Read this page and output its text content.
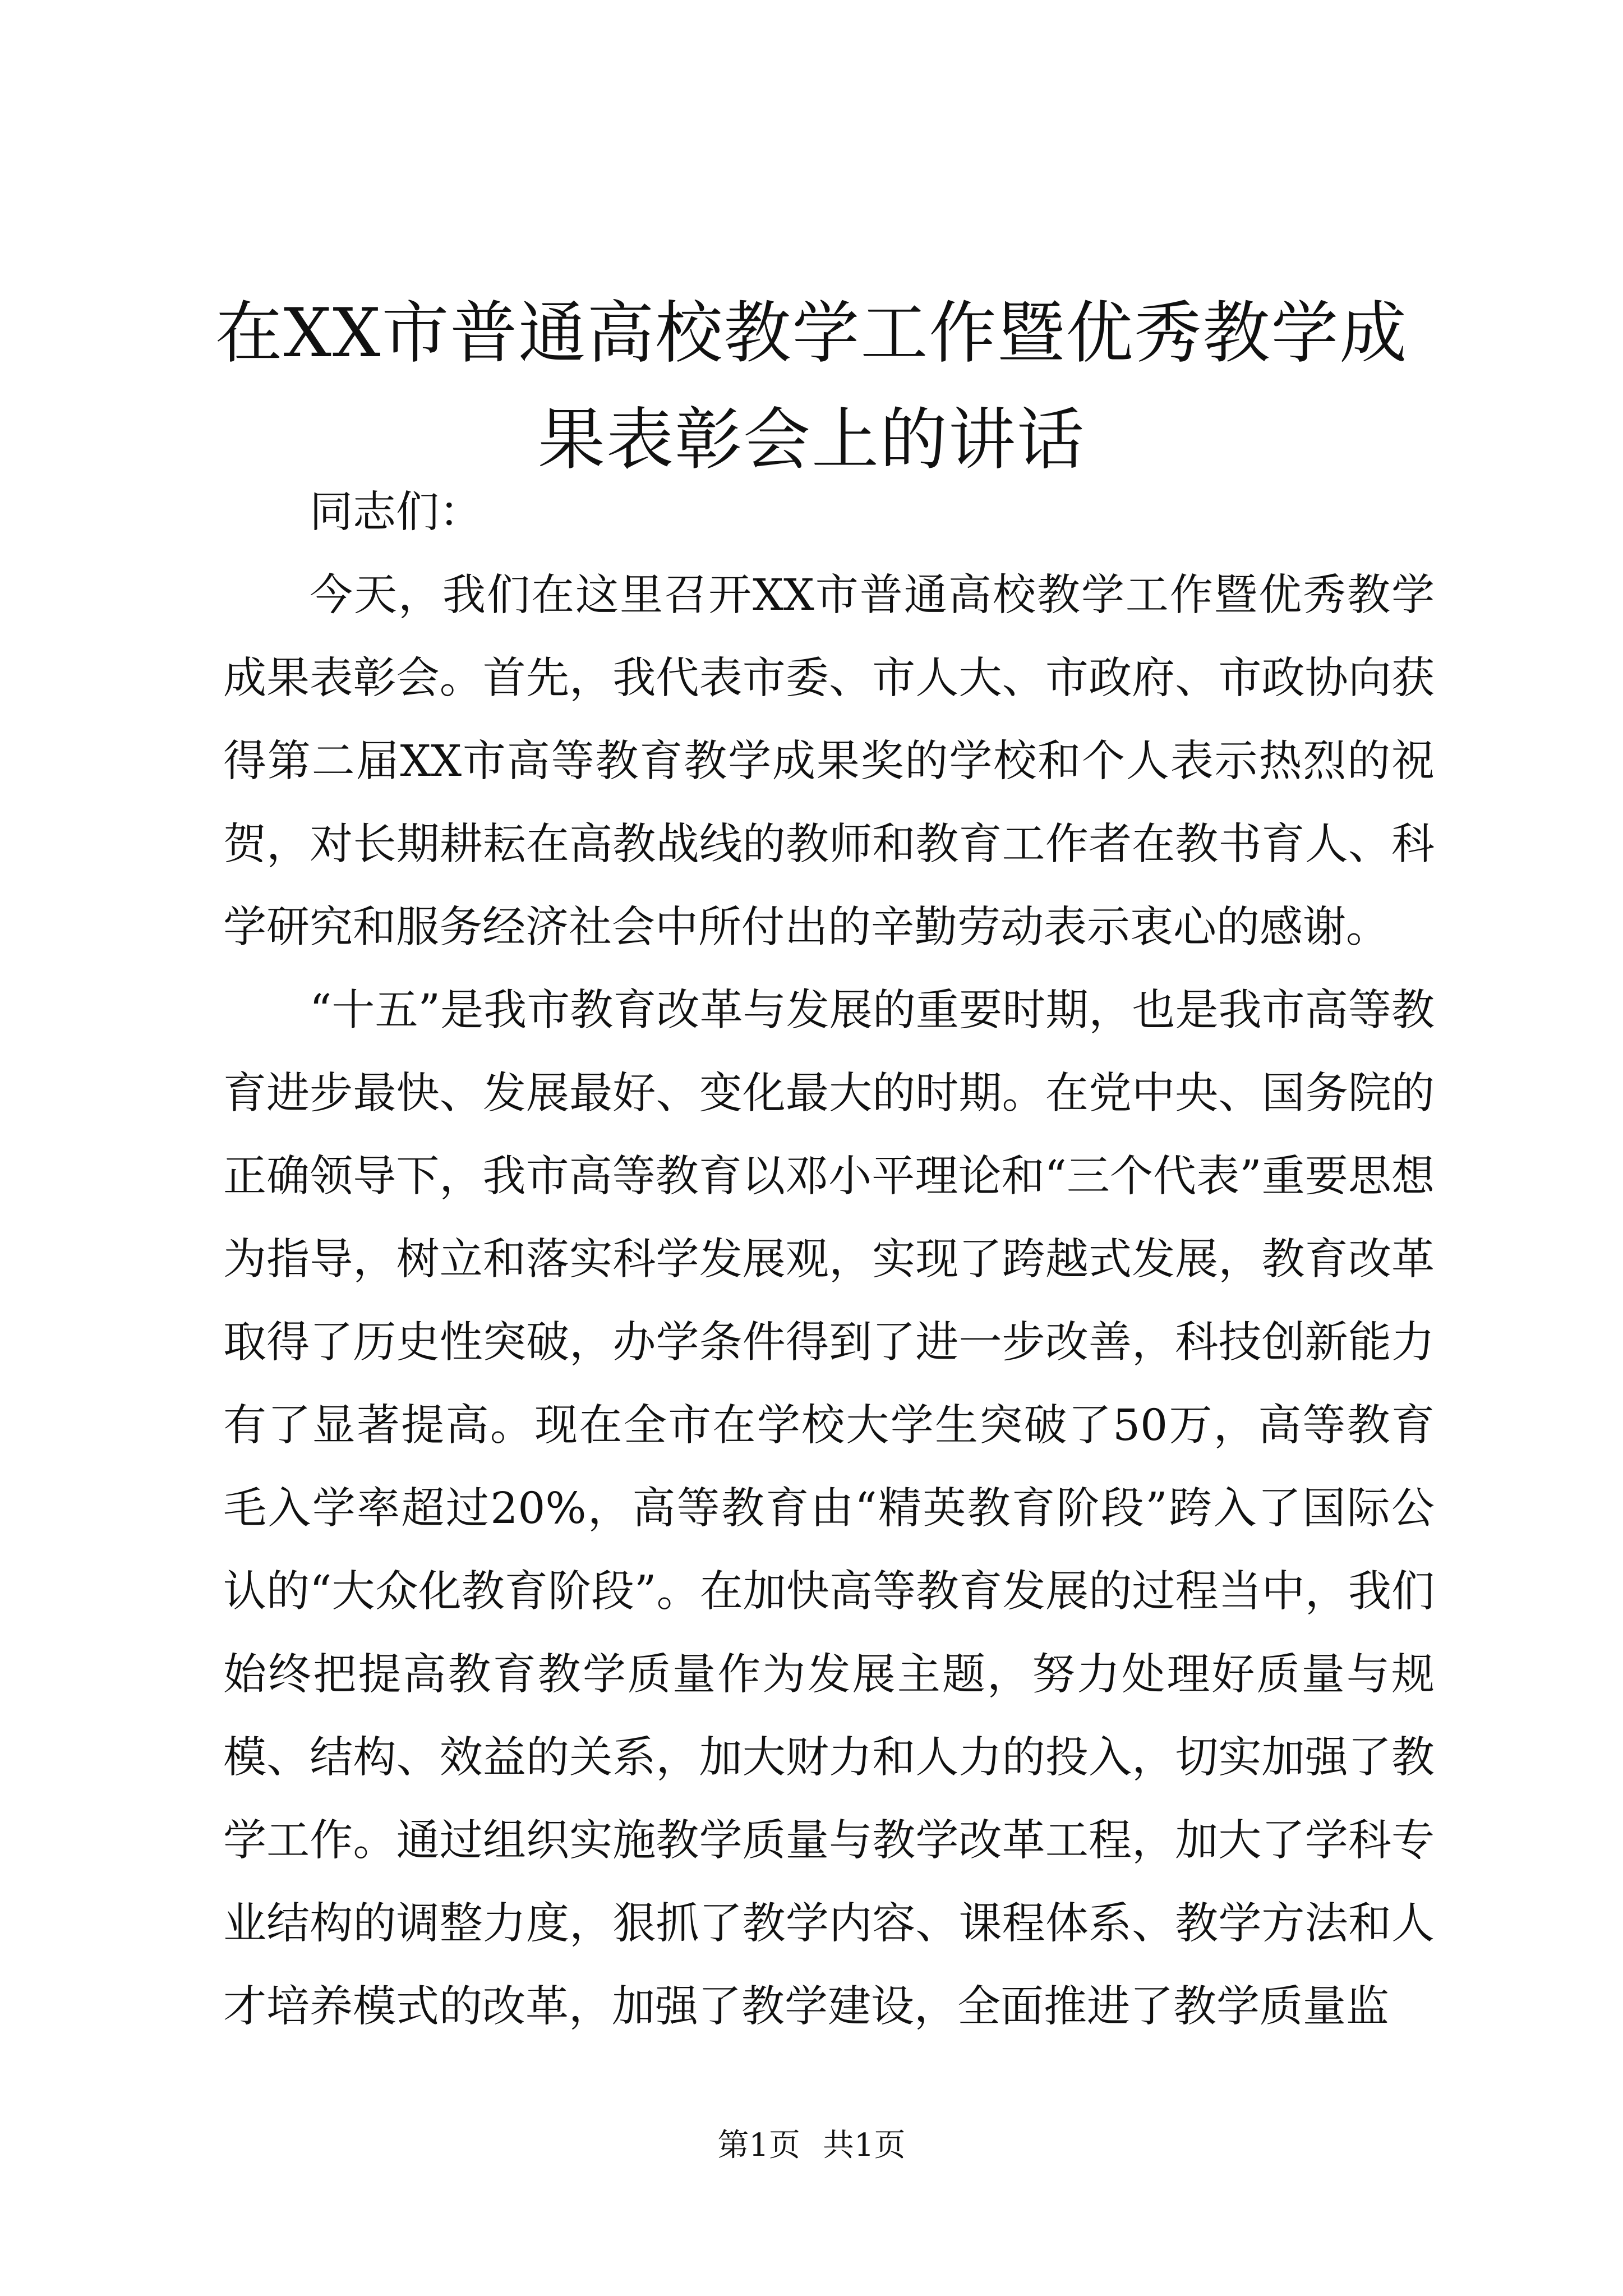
在XX市普通高校教学工作暨优秀教学成果表彰会上的讲话

同志们：

今天，我们在这里召开XX市普通高校教学工作暨优秀教学成果表彰会。首先，我代表市委、市人大、市政府、市政协向获得第二届XX市高等教育教学成果奖的学校和个人表示热烈的祝贺，对长期耕耘在高教战线的教师和教育工作者在教书育人、科学研究和服务经济社会中所付出的辛勤劳动表示衷心的感谢。

“十五”是我市教育改革与发展的重要时期，也是我市高等教育进步最快、发展最好、变化最大的时期。在党中央、国务院的正确领导下，我市高等教育以邓小平理论和“三个代表”重要思想为指导，树立和落实科学发展观，实现了跨越式发展，教育改革取得了历史性突破，办学条件得到了进一步改善，科技创新能力有了显著提高。现在全市在学校大学生突破了50万，高等教育毛入学率超过20%，高等教育由“精英教育阶段”跨入了国际公认的“大众化教育阶段”。在加快高等教育发展的过程当中，我们始终把提高教育教学质量作为发展主题，努力处理好质量与规模、结构、效益的关系，加大财力和人力的投入，切实加强了教学工作。通过组织实施教学质量与教学改革工程，加大了学科专业结构的调整力度，狠抓了教学内容、课程体系、教学方法和人才培养模式的改革，加强了教学建设，全面推进了教学质量监

第1页 共1页
